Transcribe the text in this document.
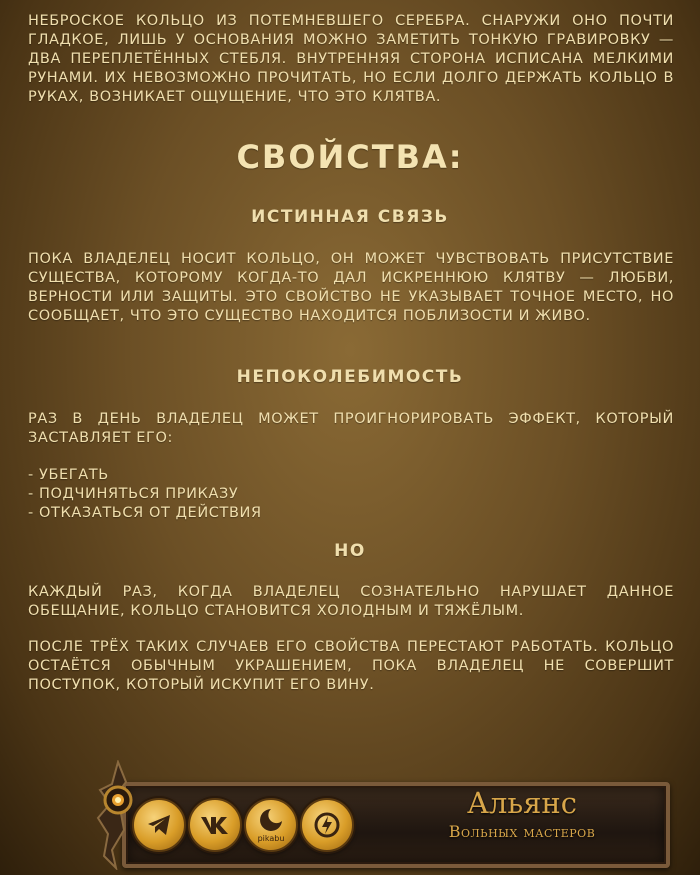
НЕБРОСКОЕ КОЛЬЦО ИЗ ПОТЕМНЕВШЕГО СЕРЕБРА. СНАРУЖИ ОНО ПОЧТИ ГЛАДКОЕ, ЛИШЬ У ОСНОВАНИЯ МОЖНО ЗАМЕТИТЬ ТОНКУЮ ГРАВИРОВКУ — ДВА ПЕРЕПЛЕТЁННЫХ СТЕБЛЯ. ВНУТРЕННЯЯ СТОРОНА ИСПИСАНА МЕЛКИМИ РУНАМИ. ИХ НЕВОЗМОЖНО ПРОЧИТАТЬ, НО ЕСЛИ ДОЛГО ДЕРЖАТЬ КОЛЬЦО В РУКАХ, ВОЗНИКАЕТ ОЩУЩЕНИЕ, ЧТО ЭТО КЛЯТВА.

СВОЙСТВА:
ИСТИННАЯ СВЯЗЬ

ПОКА ВЛАДЕЛЕЦ НОСИТ КОЛЬЦО, ОН МОЖЕТ ЧУВСТВОВАТЬ ПРИСУТСТВИЕ СУЩЕСТВА, КОТОРОМУ КОГДА-ТО ДАЛ ИСКРЕННЮЮ КЛЯТВУ — ЛЮБВИ, ВЕРНОСТИ ИЛИ ЗАЩИТЫ. ЭТО СВОЙСТВО НЕ УКАЗЫВАЕТ ТОЧНОЕ МЕСТО, НО СООБЩАЕТ, ЧТО ЭТО СУЩЕСТВО НАХОДИТСЯ ПОБЛИЗОСТИ И ЖИВО.

НЕПОКОЛЕБИМОСТЬ

РАЗ В ДЕНЬ ВЛАДЕЛЕЦ МОЖЕТ ПРОИГНОРИРОВАТЬ ЭФФЕКТ, КОТОРЫЙ ЗАСТАВЛЯЕТ ЕГО:

- УБЕГАТЬ
- ПОДЧИНЯТЬСЯ ПРИКАЗУ
- ОТКАЗАТЬСЯ ОТ ДЕЙСТВИЯ
НО

КАЖДЫЙ РАЗ, КОГДА ВЛАДЕЛЕЦ СОЗНАТЕЛЬНО НАРУШАЕТ ДАННОЕ ОБЕЩАНИЕ, КОЛЬЦО СТАНОВИТСЯ ХОЛОДНЫМ И ТЯЖЁЛЫМ.

ПОСЛЕ ТРЁХ ТАКИХ СЛУЧАЕВ ЕГО СВОЙСТВА ПЕРЕСТАЮТ РАБОТАТЬ. КОЛЬЦО ОСТАЁТСЯ ОБЫЧНЫМ УКРАШЕНИЕМ, ПОКА ВЛАДЕЛЕЦ НЕ СОВЕРШИТ ПОСТУПОК, КОТОРЫЙ ИСКУПИТ ЕГО ВИНУ.

pikabu
Альянс
Вольных мастеров
